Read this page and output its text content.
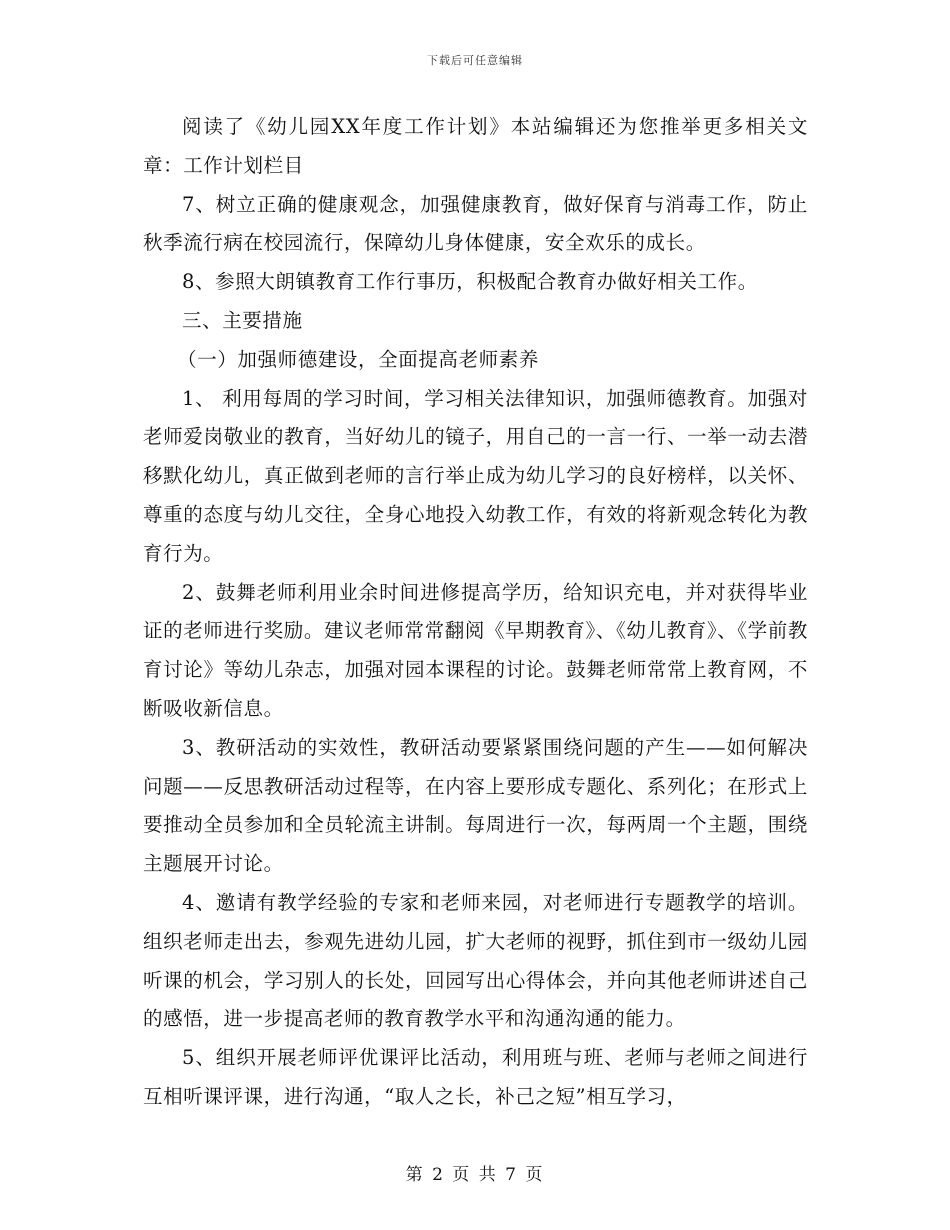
下载后可任意编辑

阅读了《幼儿园XX年度工作计划》本站编辑还为您推举更多相关文章：工作计划栏目

7、树立正确的健康观念，加强健康教育，做好保育与消毒工作，防止秋季流行病在校园流行，保障幼儿身体健康，安全欢乐的成长。

8、参照大朗镇教育工作行事历，积极配合教育办做好相关工作。

三、主要措施

（一）加强师德建设，全面提高老师素养

1、 利用每周的学习时间，学习相关法律知识，加强师德教育。加强对老师爱岗敬业的教育，当好幼儿的镜子，用自己的一言一行、一举一动去潜移默化幼儿，真正做到老师的言行举止成为幼儿学习的良好榜样，以关怀、尊重的态度与幼儿交往，全身心地投入幼教工作，有效的将新观念转化为教育行为。

2、鼓舞老师利用业余时间进修提高学历，给知识充电，并对获得毕业证的老师进行奖励。建议老师常常翻阅《早期教育》、《幼儿教育》、《学前教育讨论》等幼儿杂志，加强对园本课程的讨论。鼓舞老师常常上教育网，不断吸收新信息。

3、教研活动的实效性，教研活动要紧紧围绕问题的产生——如何解决问题——反思教研活动过程等，在内容上要形成专题化、系列化；在形式上要推动全员参加和全员轮流主讲制。每周进行一次，每两周一个主题，围绕主题展开讨论。

4、邀请有教学经验的专家和老师来园，对老师进行专题教学的培训。组织老师走出去，参观先进幼儿园，扩大老师的视野，抓住到市一级幼儿园听课的机会，学习别人的长处，回园写出心得体会，并向其他老师讲述自己的感悟，进一步提高老师的教育教学水平和沟通沟通的能力。

5、组织开展老师评优课评比活动，利用班与班、老师与老师之间进行互相听课评课，进行沟通，“取人之长，补己之短”相互学习，

第 2 页 共 7 页
